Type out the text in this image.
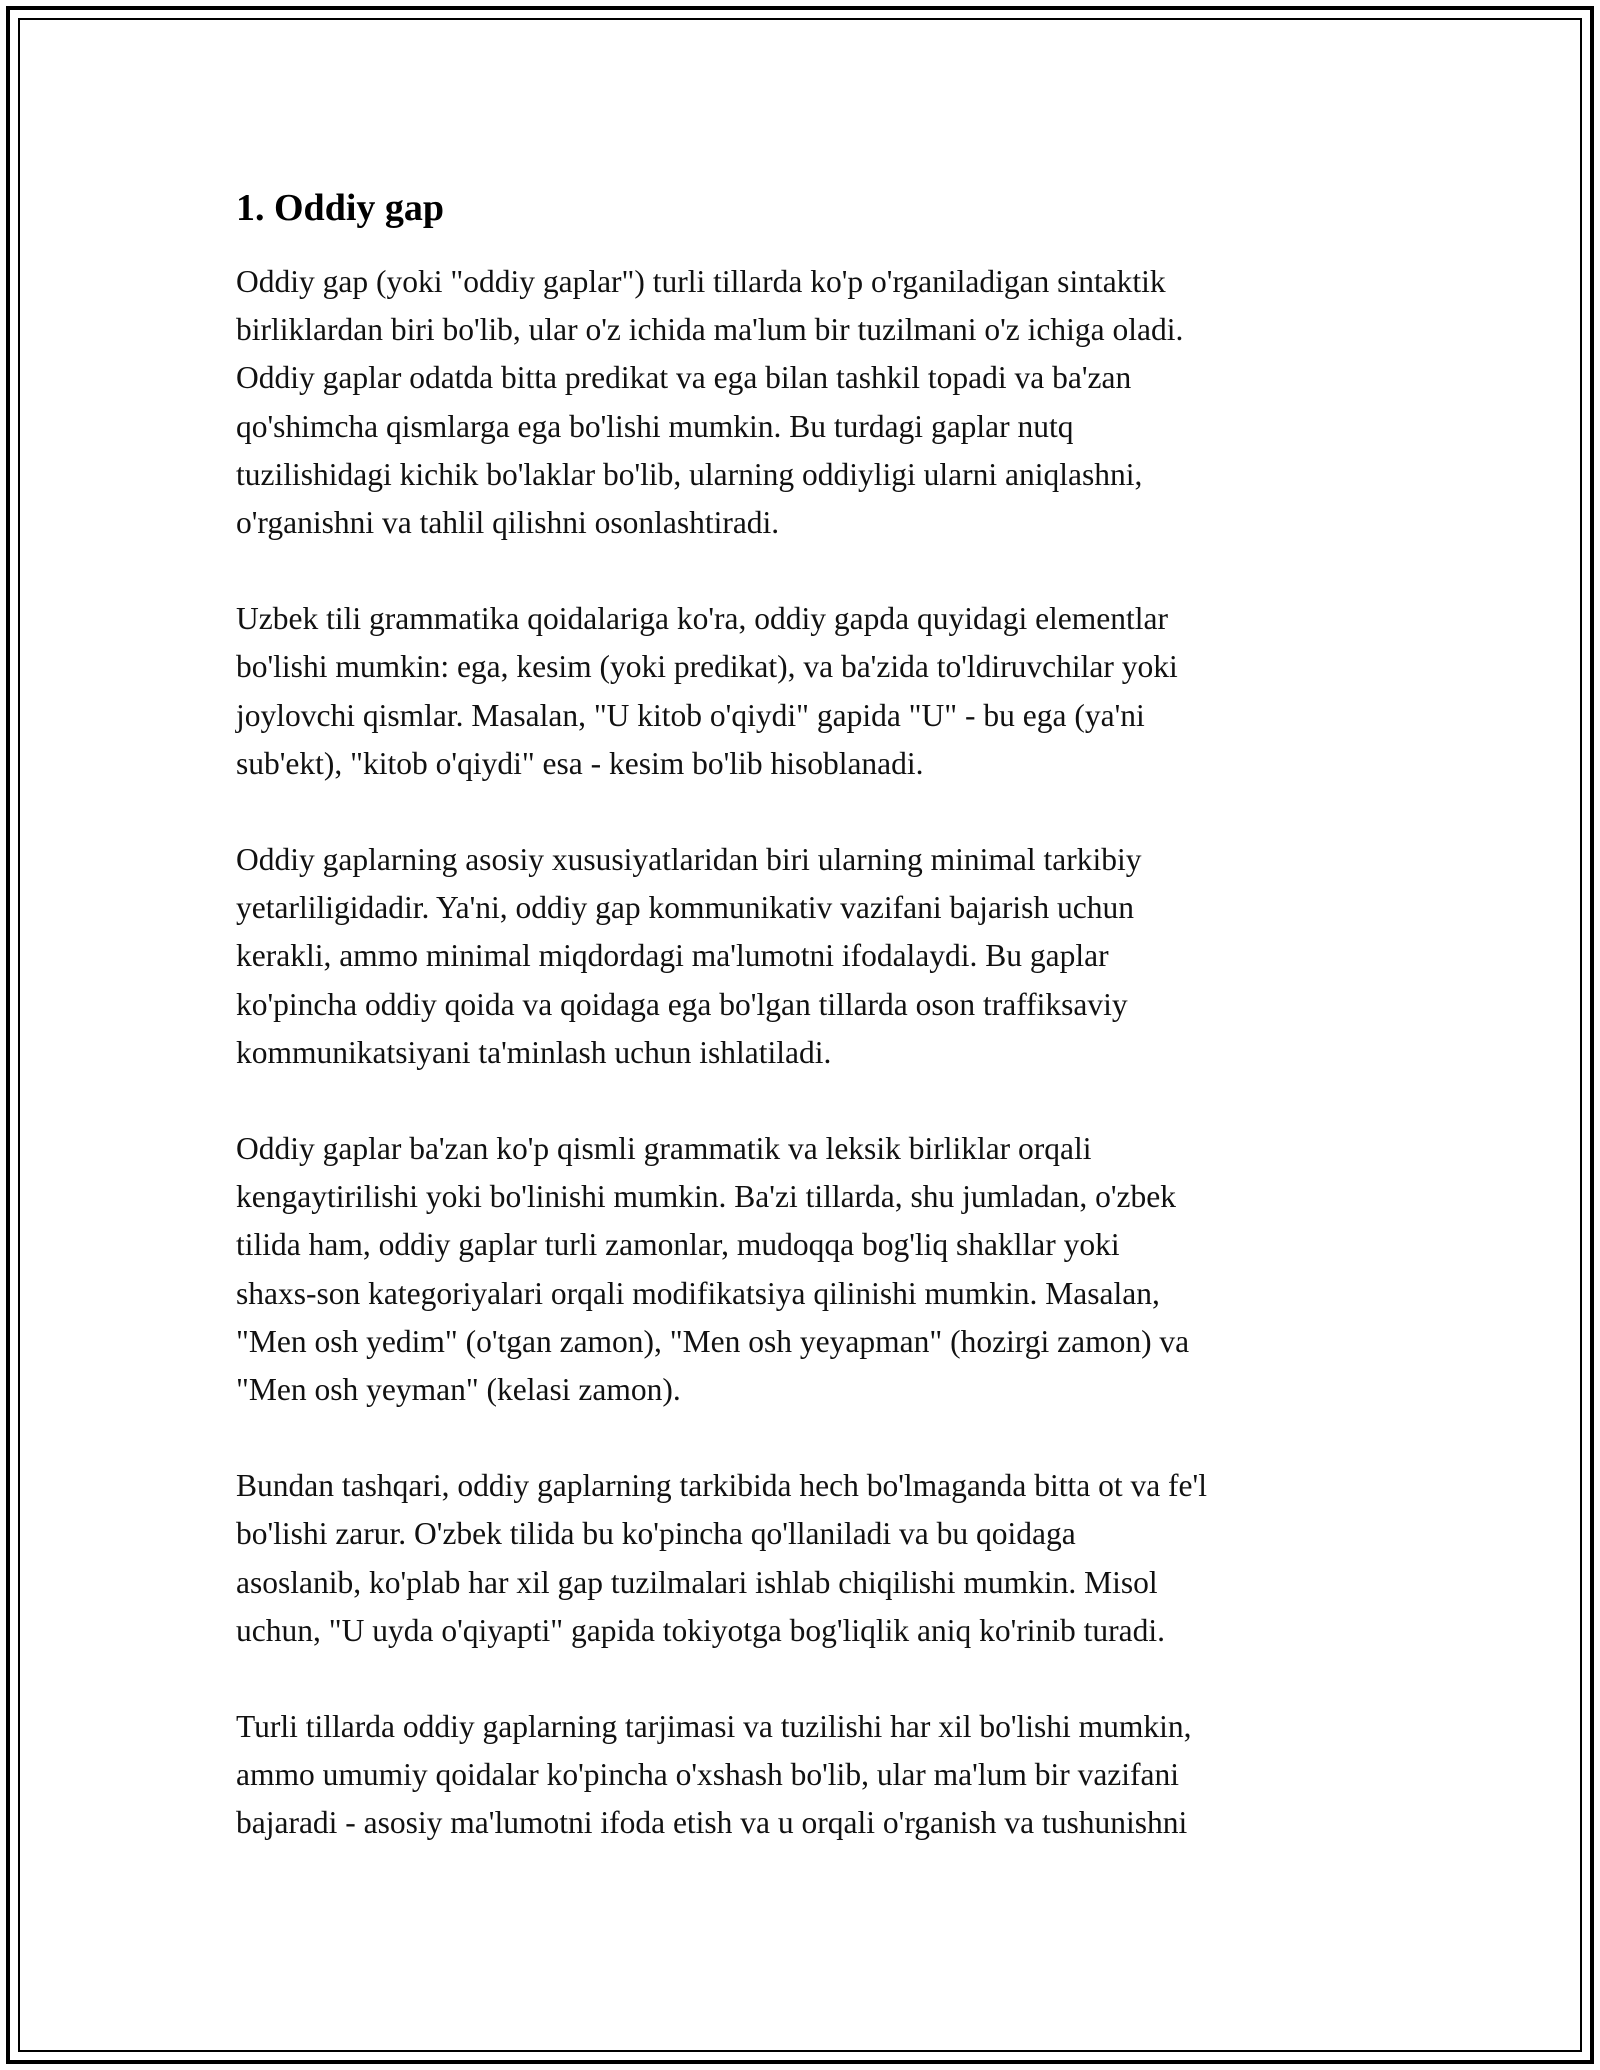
1. Oddiy gap

Oddiy gap (yoki "oddiy gaplar") turli tillarda ko'p o'rganiladigan sintaktik
birliklardan biri bo'lib, ular o'z ichida ma'lum bir tuzilmani o'z ichiga oladi.
Oddiy gaplar odatda bitta predikat va ega bilan tashkil topadi va ba'zan
qo'shimcha qismlarga ega bo'lishi mumkin. Bu turdagi gaplar nutq
tuzilishidagi kichik bo'laklar bo'lib, ularning oddiyligi ularni aniqlashni,
o'rganishni va tahlil qilishni osonlashtiradi.

Uzbek tili grammatika qoidalariga ko'ra, oddiy gapda quyidagi elementlar
bo'lishi mumkin: ega, kesim (yoki predikat), va ba'zida to'ldiruvchilar yoki
joylovchi qismlar. Masalan, "U kitob o'qiydi" gapida "U" - bu ega (ya'ni
sub'ekt), "kitob o'qiydi" esa - kesim bo'lib hisoblanadi.

Oddiy gaplarning asosiy xususiyatlaridan biri ularning minimal tarkibiy
yetarliligidadir. Ya'ni, oddiy gap kommunikativ vazifani bajarish uchun
kerakli, ammo minimal miqdordagi ma'lumotni ifodalaydi. Bu gaplar
ko'pincha oddiy qoida va qoidaga ega bo'lgan tillarda oson traffiksaviy
kommunikatsiyani ta'minlash uchun ishlatiladi.

Oddiy gaplar ba'zan ko'p qismli grammatik va leksik birliklar orqali
kengaytirilishi yoki bo'linishi mumkin. Ba'zi tillarda, shu jumladan, o'zbek
tilida ham, oddiy gaplar turli zamonlar, mudoqqa bog'liq shakllar yoki
shaxs-son kategoriyalari orqali modifikatsiya qilinishi mumkin. Masalan,
"Men osh yedim" (o'tgan zamon), "Men osh yeyapman" (hozirgi zamon) va
"Men osh yeyman" (kelasi zamon).

Bundan tashqari, oddiy gaplarning tarkibida hech bo'lmaganda bitta ot va fe'l
bo'lishi zarur. O'zbek tilida bu ko'pincha qo'llaniladi va bu qoidaga
asoslanib, ko'plab har xil gap tuzilmalari ishlab chiqilishi mumkin. Misol
uchun, "U uyda o'qiyapti" gapida tokiyotga bog'liqlik aniq ko'rinib turadi.

Turli tillarda oddiy gaplarning tarjimasi va tuzilishi har xil bo'lishi mumkin,
ammo umumiy qoidalar ko'pincha o'xshash bo'lib, ular ma'lum bir vazifani
bajaradi - asosiy ma'lumotni ifoda etish va u orqali o'rganish va tushunishni
